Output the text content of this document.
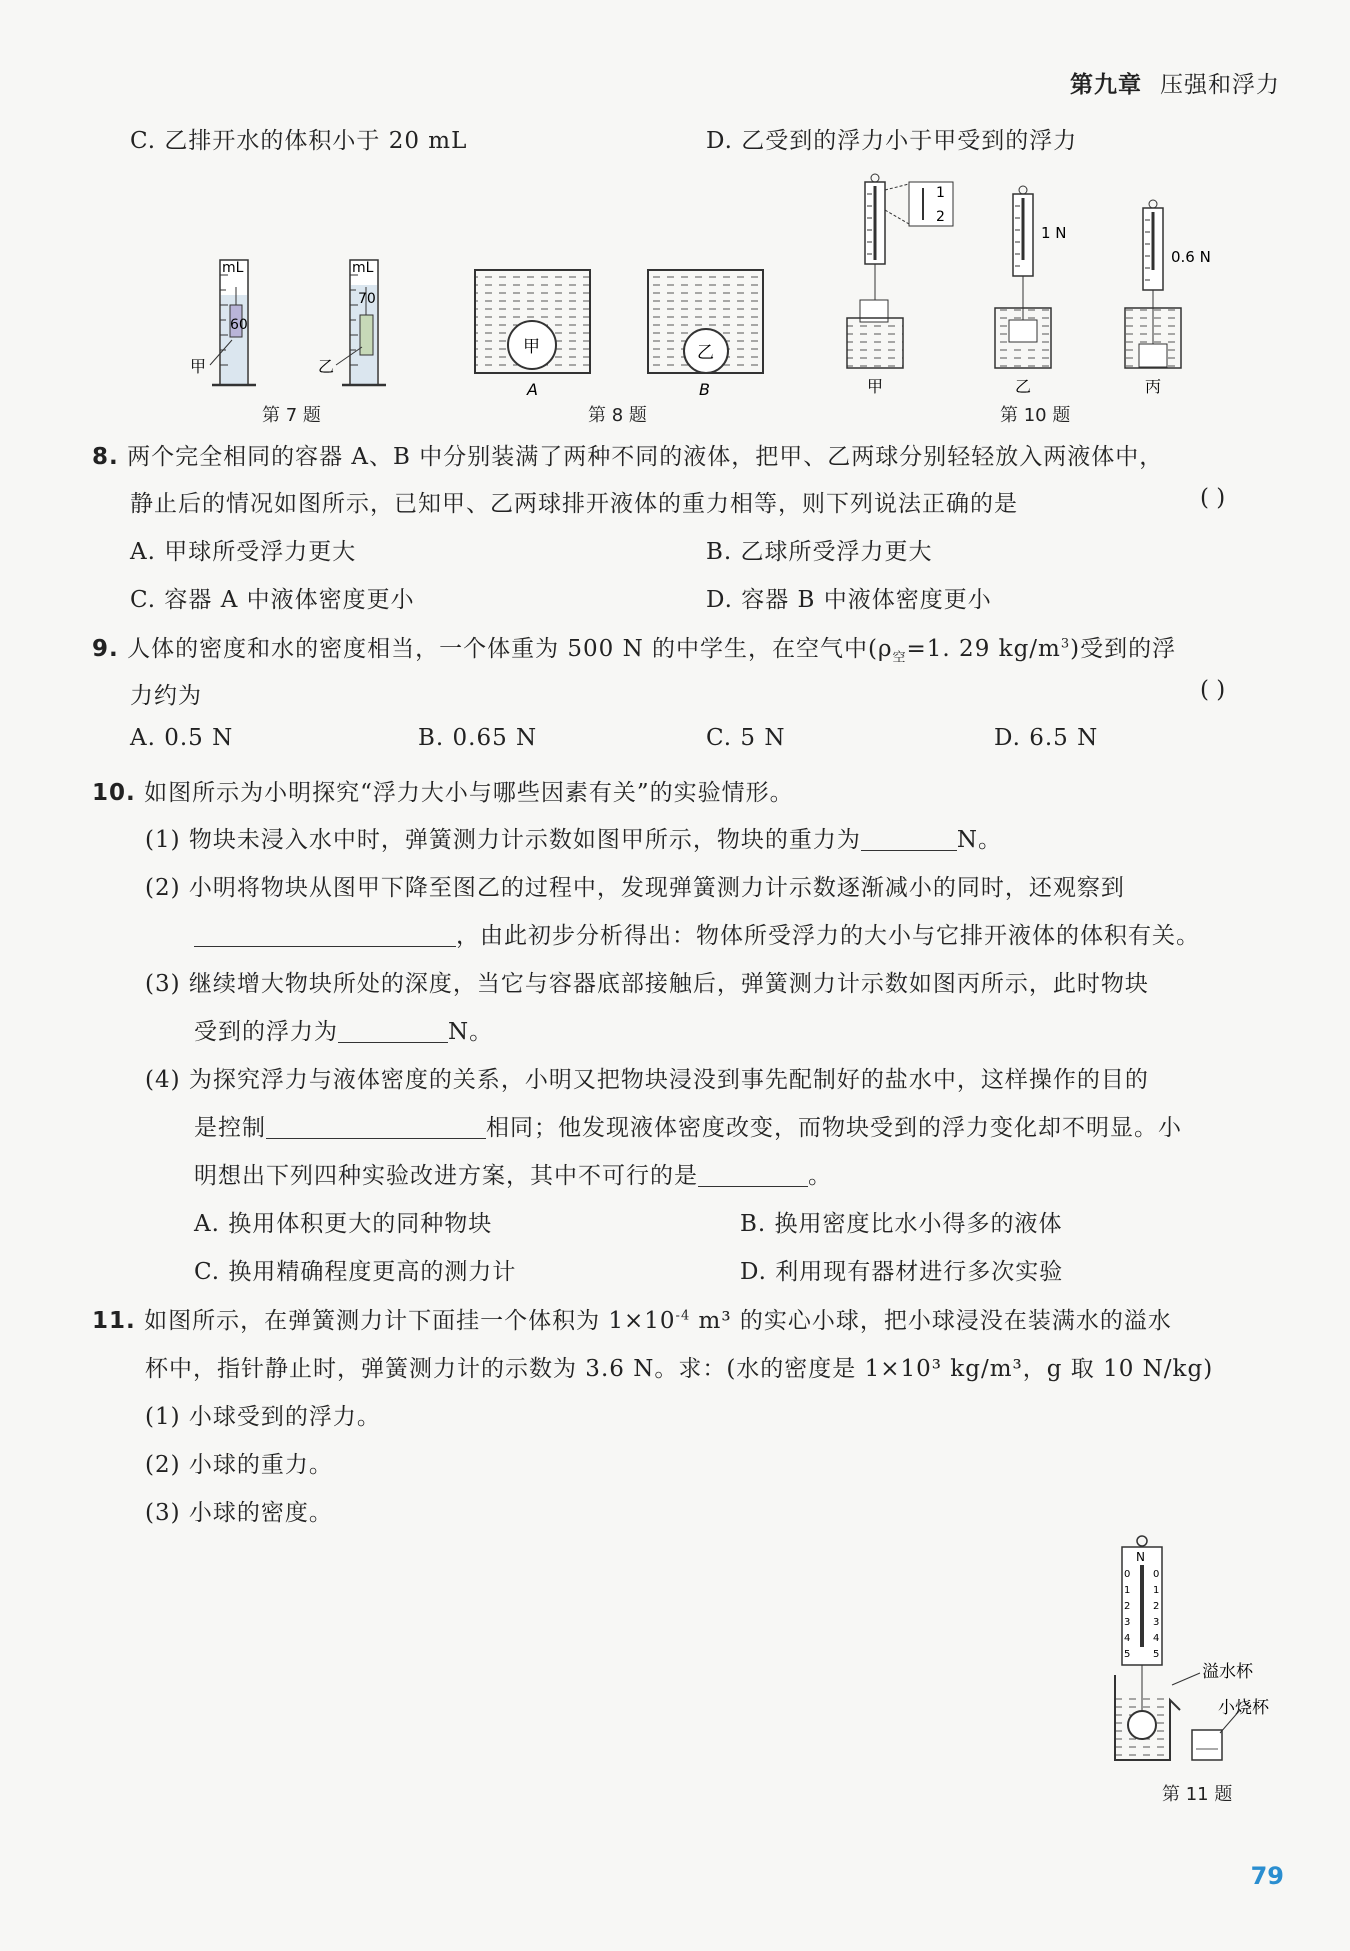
第九章 压强和浮力
C. 乙排开水的体积小于 20 mL	D. 乙受到的浮力小于甲受到的浮力
mL
60
甲
mL
70
乙
第 7 题
甲
A
乙
B
第 8 题
1
2
甲
1 N
乙
0.6 N
丙
第 10 题
8. 两个完全相同的容器 A、B 中分别装满了两种不同的液体，把甲、乙两球分别轻轻放入两液体中，
静止后的情况如图所示，已知甲、乙两球排开液体的重力相等，则下列说法正确的是	( )
A. 甲球所受浮力更大	B. 乙球所受浮力更大
C. 容器 A 中液体密度更小	D. 容器 B 中液体密度更小
9. 人体的密度和水的密度相当，一个体重为 500 N 的中学生，在空气中($\rho_空=1$. 29 $kg/m^3$)受到的浮
力约为	( )
A. 0.5 N	B. 0.65 N	C. 5 N	D. 6.5 N
10. 如图所示为小明探究“浮力大小与哪些因素有关”的实验情形。
(1) 物块未浸入水中时，弹簧测力计示数如图甲所示，物块的重力为	N。
(2) 小明将物块从图甲下降至图乙的过程中，发现弹簧测力计示数逐渐减小的同时，还观察到
，由此初步分析得出：物体所受浮力的大小与它排开液体的体积有关。
(3) 继续增大物块所处的深度，当它与容器底部接触后，弹簧测力计示数如图丙所示，此时物块
受到的浮力为	N。
(4) 为探究浮力与液体密度的关系，小明又把物块浸没到事先配制好的盐水中，这样操作的目的
是控制	相同；他发现液体密度改变，而物块受到的浮力变化却不明显。小
明想出下列四种实验改进方案，其中不可行的是	。
A. 换用体积更大的同种物块	B. 换用密度比水小得多的液体
C. 换用精确程度更高的测力计	D. 利用现有器材进行多次实验
11. 如图所示，在弹簧测力计下面挂一个体积为 $1\times 10^{-4}$ m³ 的实心小球，把小球浸没在装满水的溢水
杯中，指针静止时，弹簧测力计的示数为 3.6 N。求：(水的密度是 1×10³ kg/m³，g 取 10 N/kg)
(1) 小球受到的浮力。
(2) 小球的重力。
(3) 小球的密度。
N
0
1
2
3
4
5
0
1
2
3
4
5
溢水杯
小烧杯
第 11 题
79
